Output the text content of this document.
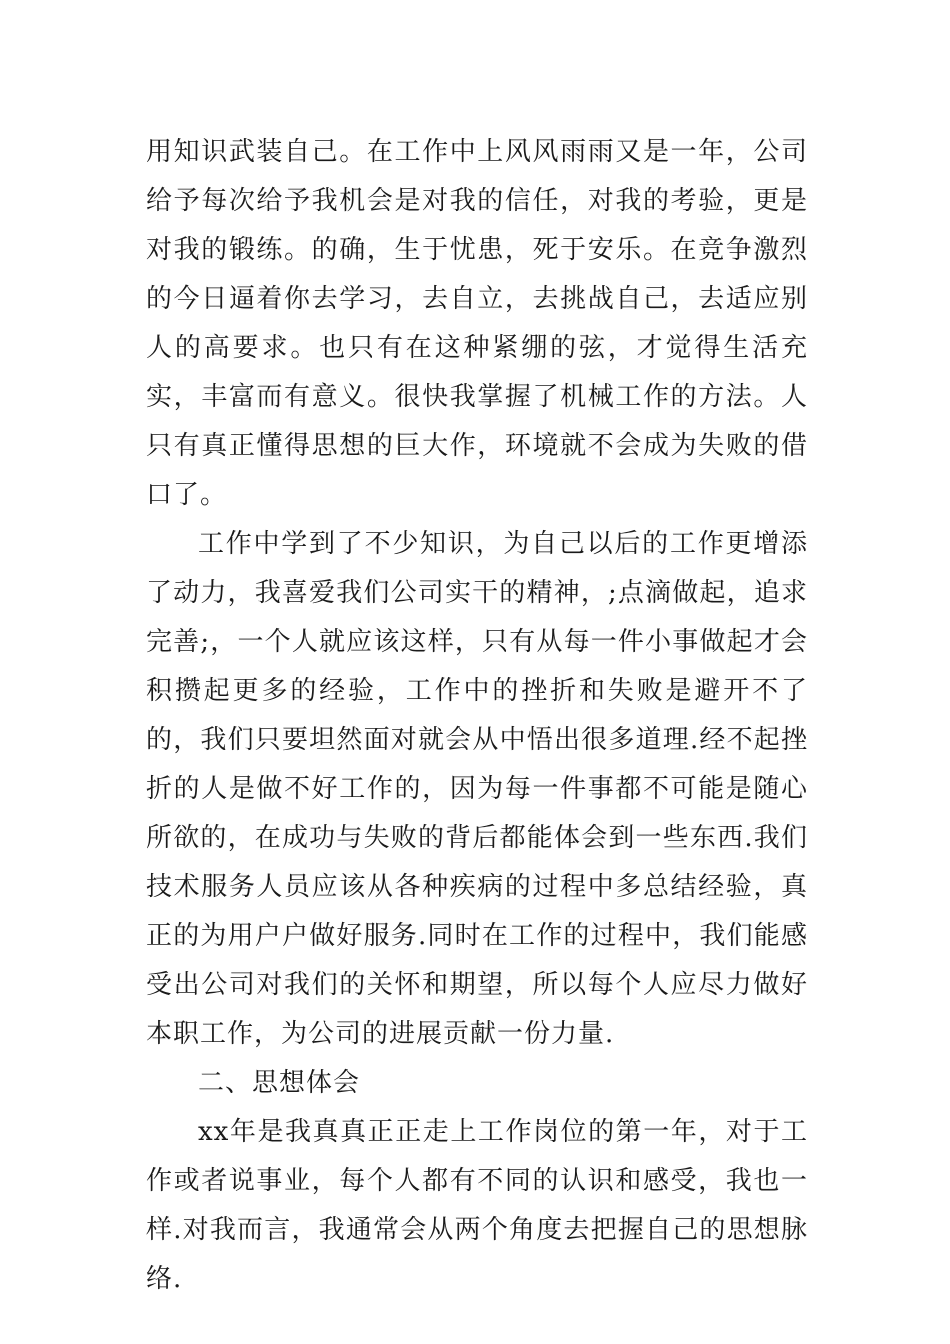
用知识武装自己。在工作中上风风雨雨又是一年，公司给予每次给予我机会是对我的信任，对我的考验，更是对我的锻练。的确，生于忧患，死于安乐。在竞争激烈的今日逼着你去学习，去自立，去挑战自己，去适应别人的高要求。也只有在这种紧绷的弦，才觉得生活充实，丰富而有意义。很快我掌握了机械工作的方法。人只有真正懂得思想的巨大作，环境就不会成为失败的借口了。

工作中学到了不少知识，为自己以后的工作更增添了动力，我喜爱我们公司实干的精神，;点滴做起，追求完善;，一个人就应该这样，只有从每一件小事做起才会积攒起更多的经验，工作中的挫折和失败是避开不了的，我们只要坦然面对就会从中悟出很多道理.经不起挫折的人是做不好工作的，因为每一件事都不可能是随心所欲的，在成功与失败的背后都能体会到一些东西.我们技术服务人员应该从各种疾病的过程中多总结经验，真正的为用户户做好服务.同时在工作的过程中，我们能感受出公司对我们的关怀和期望，所以每个人应尽力做好本职工作，为公司的进展贡献一份力量.

二、思想体会

xx年是我真真正正走上工作岗位的第一年，对于工作或者说事业，每个人都有不同的认识和感受，我也一样.对我而言，我通常会从两个角度去把握自己的思想脉络.
